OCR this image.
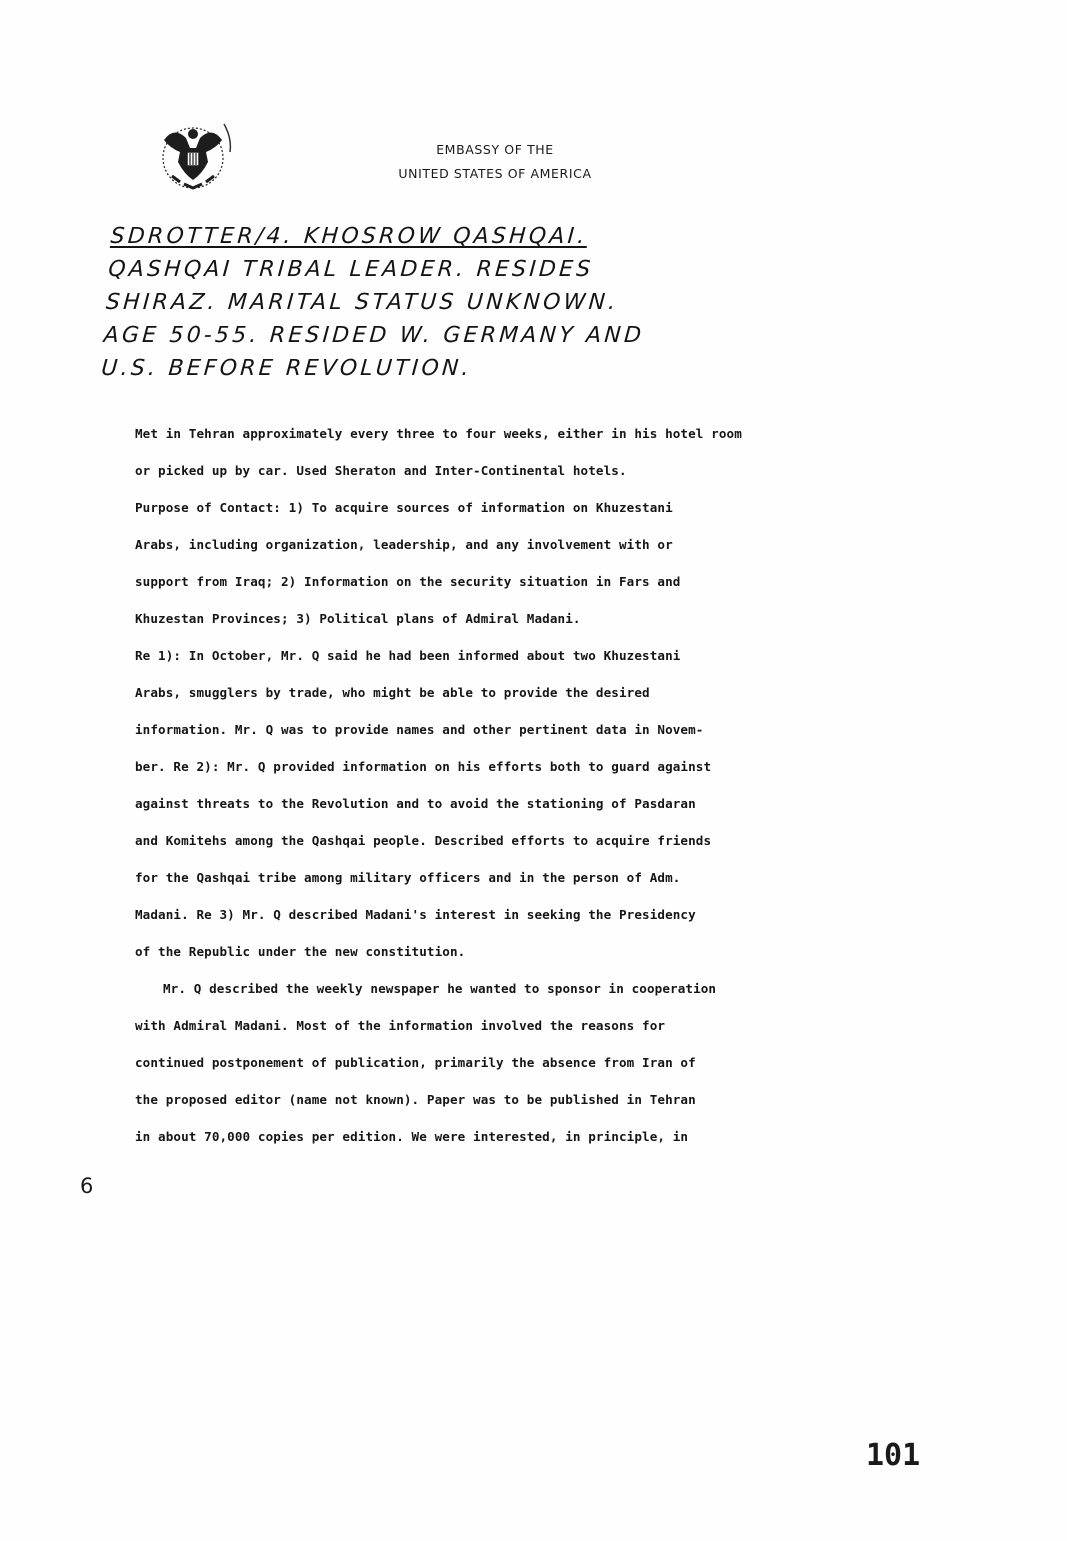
EMBASSY OF THE
UNITED STATES OF AMERICA
SDROTTER/4. KHOSROW QASHQAI.
QASHQAI TRIBAL LEADER. RESIDES
SHIRAZ. MARITAL STATUS UNKNOWN.
AGE 50-55. RESIDED W. GERMANY AND
U.S. BEFORE REVOLUTION.
Met in Tehran approximately every three to four weeks, either in his hotel room
or picked up by car. Used Sheraton and Inter-Continental hotels.
Purpose of Contact: 1) To acquire sources of information on Khuzestani
Arabs, including organization, leadership, and any involvement with or
support from Iraq; 2) Information on the security situation in Fars and
Khuzestan Provinces; 3) Political plans of Admiral Madani.
Re 1): In October, Mr. Q said he had been informed about two Khuzestani
Arabs, smugglers by trade, who might be able to provide the desired
information. Mr. Q was to provide names and other pertinent data in Novem-
ber. Re 2): Mr. Q provided information on his efforts both to guard against
against threats to the Revolution and to avoid the stationing of Pasdaran
and Komitehs among the Qashqai people. Described efforts to acquire friends
for the Qashqai tribe among military officers and in the person of Adm.
Madani. Re 3) Mr. Q described Madani's interest in seeking the Presidency
of the Republic under the new constitution.
Mr. Q described the weekly newspaper he wanted to sponsor in cooperation
with Admiral Madani. Most of the information involved the reasons for
continued postponement of publication, primarily the absence from Iran of
the proposed editor (name not known). Paper was to be published in Tehran
in about 70,000 copies per edition. We were interested, in principle, in
6
101
